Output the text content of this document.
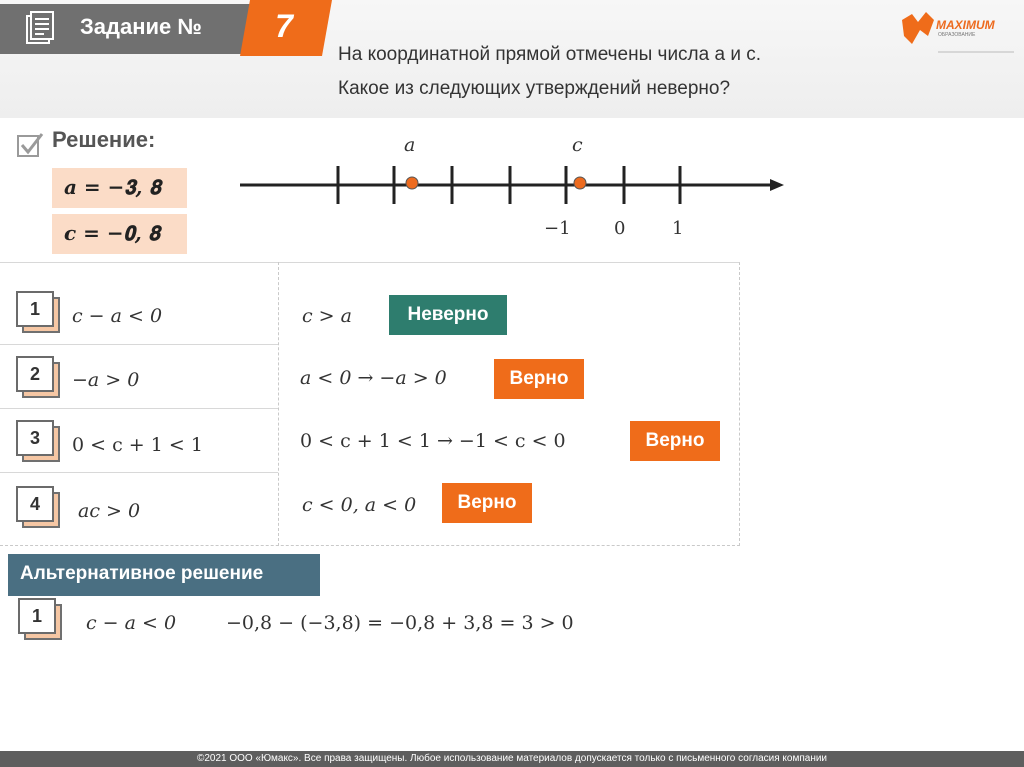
Задание №	7
На координатной прямой отмечены числа а и с.
Какое из следующих утверждений неверно?
MAXIMUM
ОБРАЗОВАНИЕ
Решение:
𝒂 = −𝟑, 𝟖
𝒄 = −𝟎, 𝟖
a	c
−1 0	1
1	c − a < 0	c > a	Неверно
2	−a > 0	a < 0 → −a > 0	Верно
3	0 < c + 1 < 1	0 < c + 1 < 1 → −1 < c < 0	Верно
4	ac > 0	c < 0, a < 0	Верно
Альтернативное решение
1	c − a < 0	−0,8 − (−3,8) = −0,8 + 3,8 = 3 > 0
©2021 ООО «Юмакс». Все права защищены. Любое использование материалов допускается только с письменного согласия компании
